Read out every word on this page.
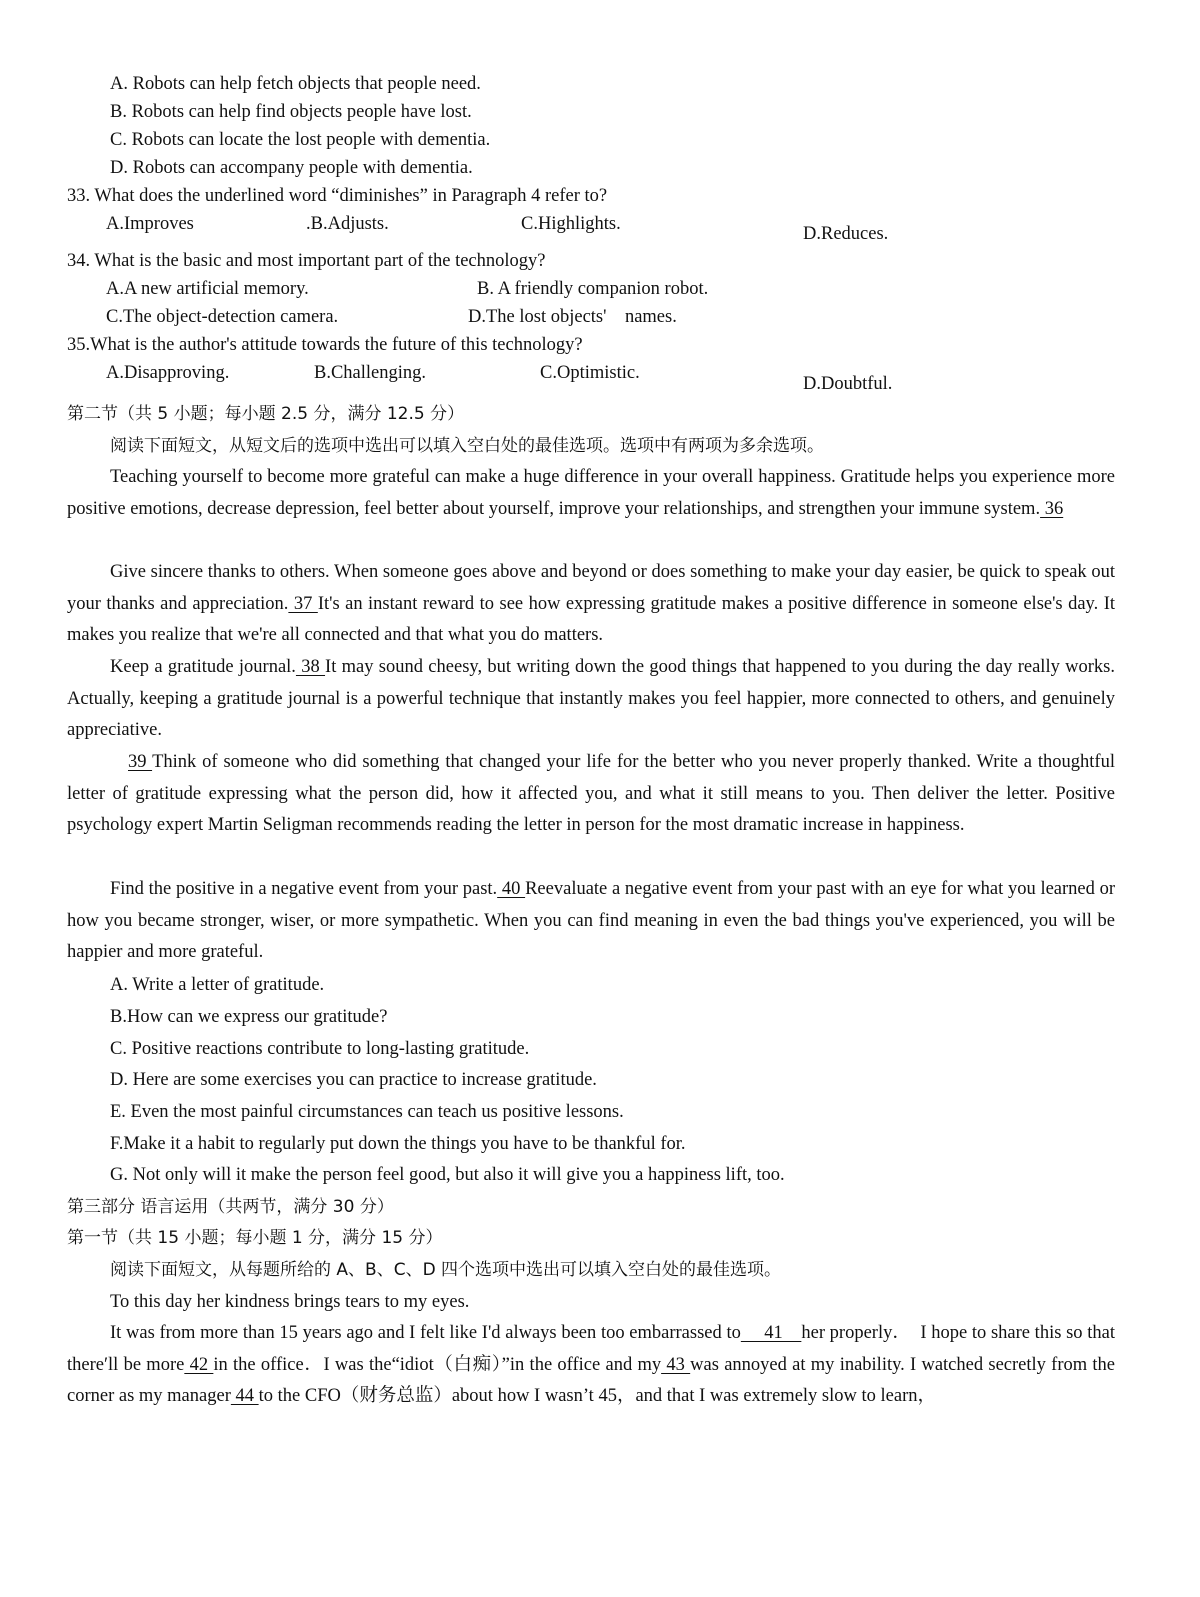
A. Robots can help fetch objects that people need.
B. Robots can help find objects people have lost.
C. Robots can locate the lost people with dementia.
D. Robots can accompany people with dementia.
33. What does the underlined word “diminishes” in Paragraph 4 refer to?
A.Improves	.B.Adjusts.	C.Highlights.	D.Reduces.
34. What is the basic and most important part of the technology?
A.A new artificial memory.	B. A friendly companion robot.
C.The object-detection camera.	D.The lost objects'　names.
35.What is the author's attitude towards the future of this technology?
A.Disapproving.	B.Challenging.	C.Optimistic.
D.Doubtful.
第二节（共 5 小题；每小题 2.5 分，满分 12.5 分）
阅读下面短文，从短文后的选项中选出可以填入空白处的最佳选项。选项中有两项为多余选项。
Teaching yourself to become more grateful can make a huge difference in your overall happiness. Gratitude helps you experience more positive emotions, decrease depression, feel better about yourself, improve your relationships, and strengthen your immune system. 36
Give sincere thanks to others. When someone goes above and beyond or does something to make your day easier, be quick to speak out your thanks and appreciation. 37 It's an instant reward to see how expressing gratitude makes a positive difference in someone else's day. It makes you realize that we're all connected and that what you do matters.
Keep a gratitude journal. 38 It may sound cheesy, but writing down the good things that happened to you during the day really works. Actually, keeping a gratitude journal is a powerful technique that instantly makes you feel happier, more connected to others, and genuinely appreciative.
39 Think of someone who did something that changed your life for the better who you never properly thanked. Write a thoughtful letter of gratitude expressing what the person did, how it affected you, and what it still means to you. Then deliver the letter. Positive psychology expert Martin Seligman recommends reading the letter in person for the most dramatic increase in happiness.
Find the positive in a negative event from your past. 40 Reevaluate a negative event from your past with an eye for what you learned or how you became stronger, wiser, or more sympathetic. When you can find meaning in even the bad things you've experienced, you will be happier and more grateful.
A. Write a letter of gratitude.
B.How can we express our gratitude?
C. Positive reactions contribute to long-lasting gratitude.
D. Here are some exercises you can practice to increase gratitude.
E. Even the most painful circumstances can teach us positive lessons.
F.Make it a habit to regularly put down the things you have to be thankful for.
G. Not only will it make the person feel good, but also it will give you a happiness lift, too.
第三部分 语言运用（共两节，满分 30 分）
第一节（共 15 小题；每小题 1 分，满分 15 分）
阅读下面短文，从每题所给的 A、B、C、D 四个选项中选出可以填入空白处的最佳选项。
To this day her kindness brings tears to my eyes.
It was from more than 15 years ago and I felt like I'd always been too embarrassed to　 41　her properly．　I hope to share this so that there′ll be more 42 in the office．I was the“idiot（白痴）”in the office and my 43 was annoyed at my inability. I watched secretly from the corner as my manager 44 to the CFO（财务总监）about how I wasn’t 45，and that I was extremely slow to learn，
